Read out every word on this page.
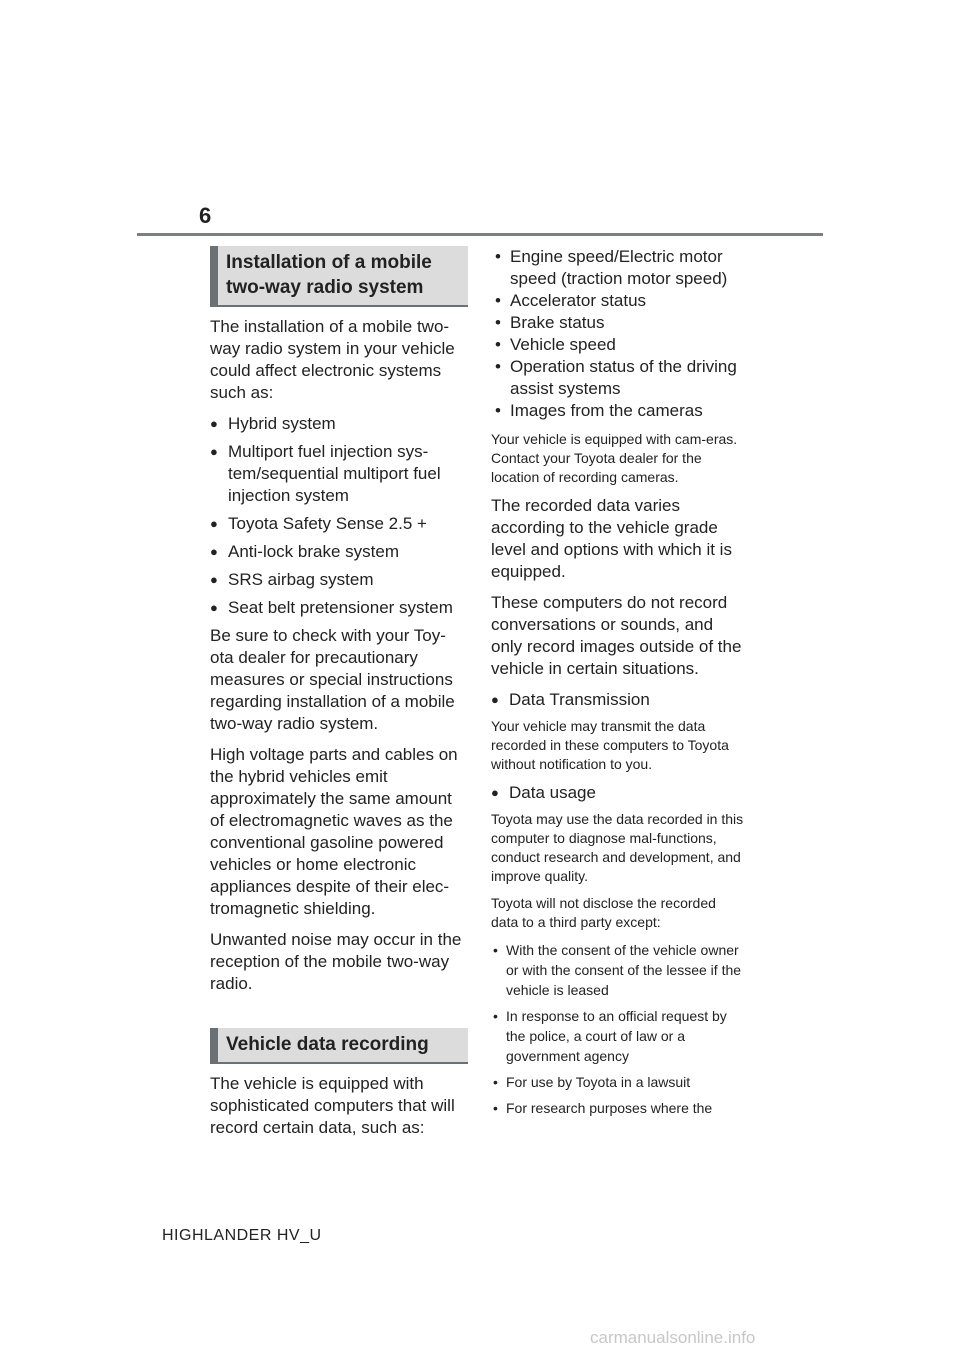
6
Installation of a mobile
two-way radio system

The installation of a mobile two-way radio system in your vehicle could affect electronic systems such as:

● Hybrid system
● Multiport fuel injection sys-tem/sequential multiport fuel injection system
● Toyota Safety Sense 2.5 +
● Anti-lock brake system
● SRS airbag system
● Seat belt pretensioner system

Be sure to check with your Toy-ota dealer for precautionary measures or special instructions regarding installation of a mobile two-way radio system.

High voltage parts and cables on the hybrid vehicles emit approximately the same amount of electromagnetic waves as the conventional gasoline powered vehicles or home electronic appliances despite of their elec-tromagnetic shielding.

Unwanted noise may occur in the reception of the mobile two-way radio.

Vehicle data recording

The vehicle is equipped with sophisticated computers that will record certain data, such as:

• Engine speed/Electric motor speed (traction motor speed)

• Accelerator status

• Brake status

• Vehicle speed

• Operation status of the driving assist systems

• Images from the cameras

Your vehicle is equipped with cam-eras. Contact your Toyota dealer for the location of recording cameras.

The recorded data varies according to the vehicle grade level and options with which it is equipped.

These computers do not record conversations or sounds, and only record images outside of the vehicle in certain situations.

● Data Transmission

Your vehicle may transmit the data recorded in these computers to Toyota without notification to you.

● Data usage

Toyota may use the data recorded in this computer to diagnose mal-functions, conduct research and development, and improve quality.

Toyota will not disclose the recorded data to a third party except:

• With the consent of the vehicle owner or with the consent of the lessee if the vehicle is leased

• In response to an official request by the police, a court of law or a government agency

• For use by Toyota in a lawsuit

• For research purposes where the

HIGHLANDER HV_U
carmanualsonline.info
